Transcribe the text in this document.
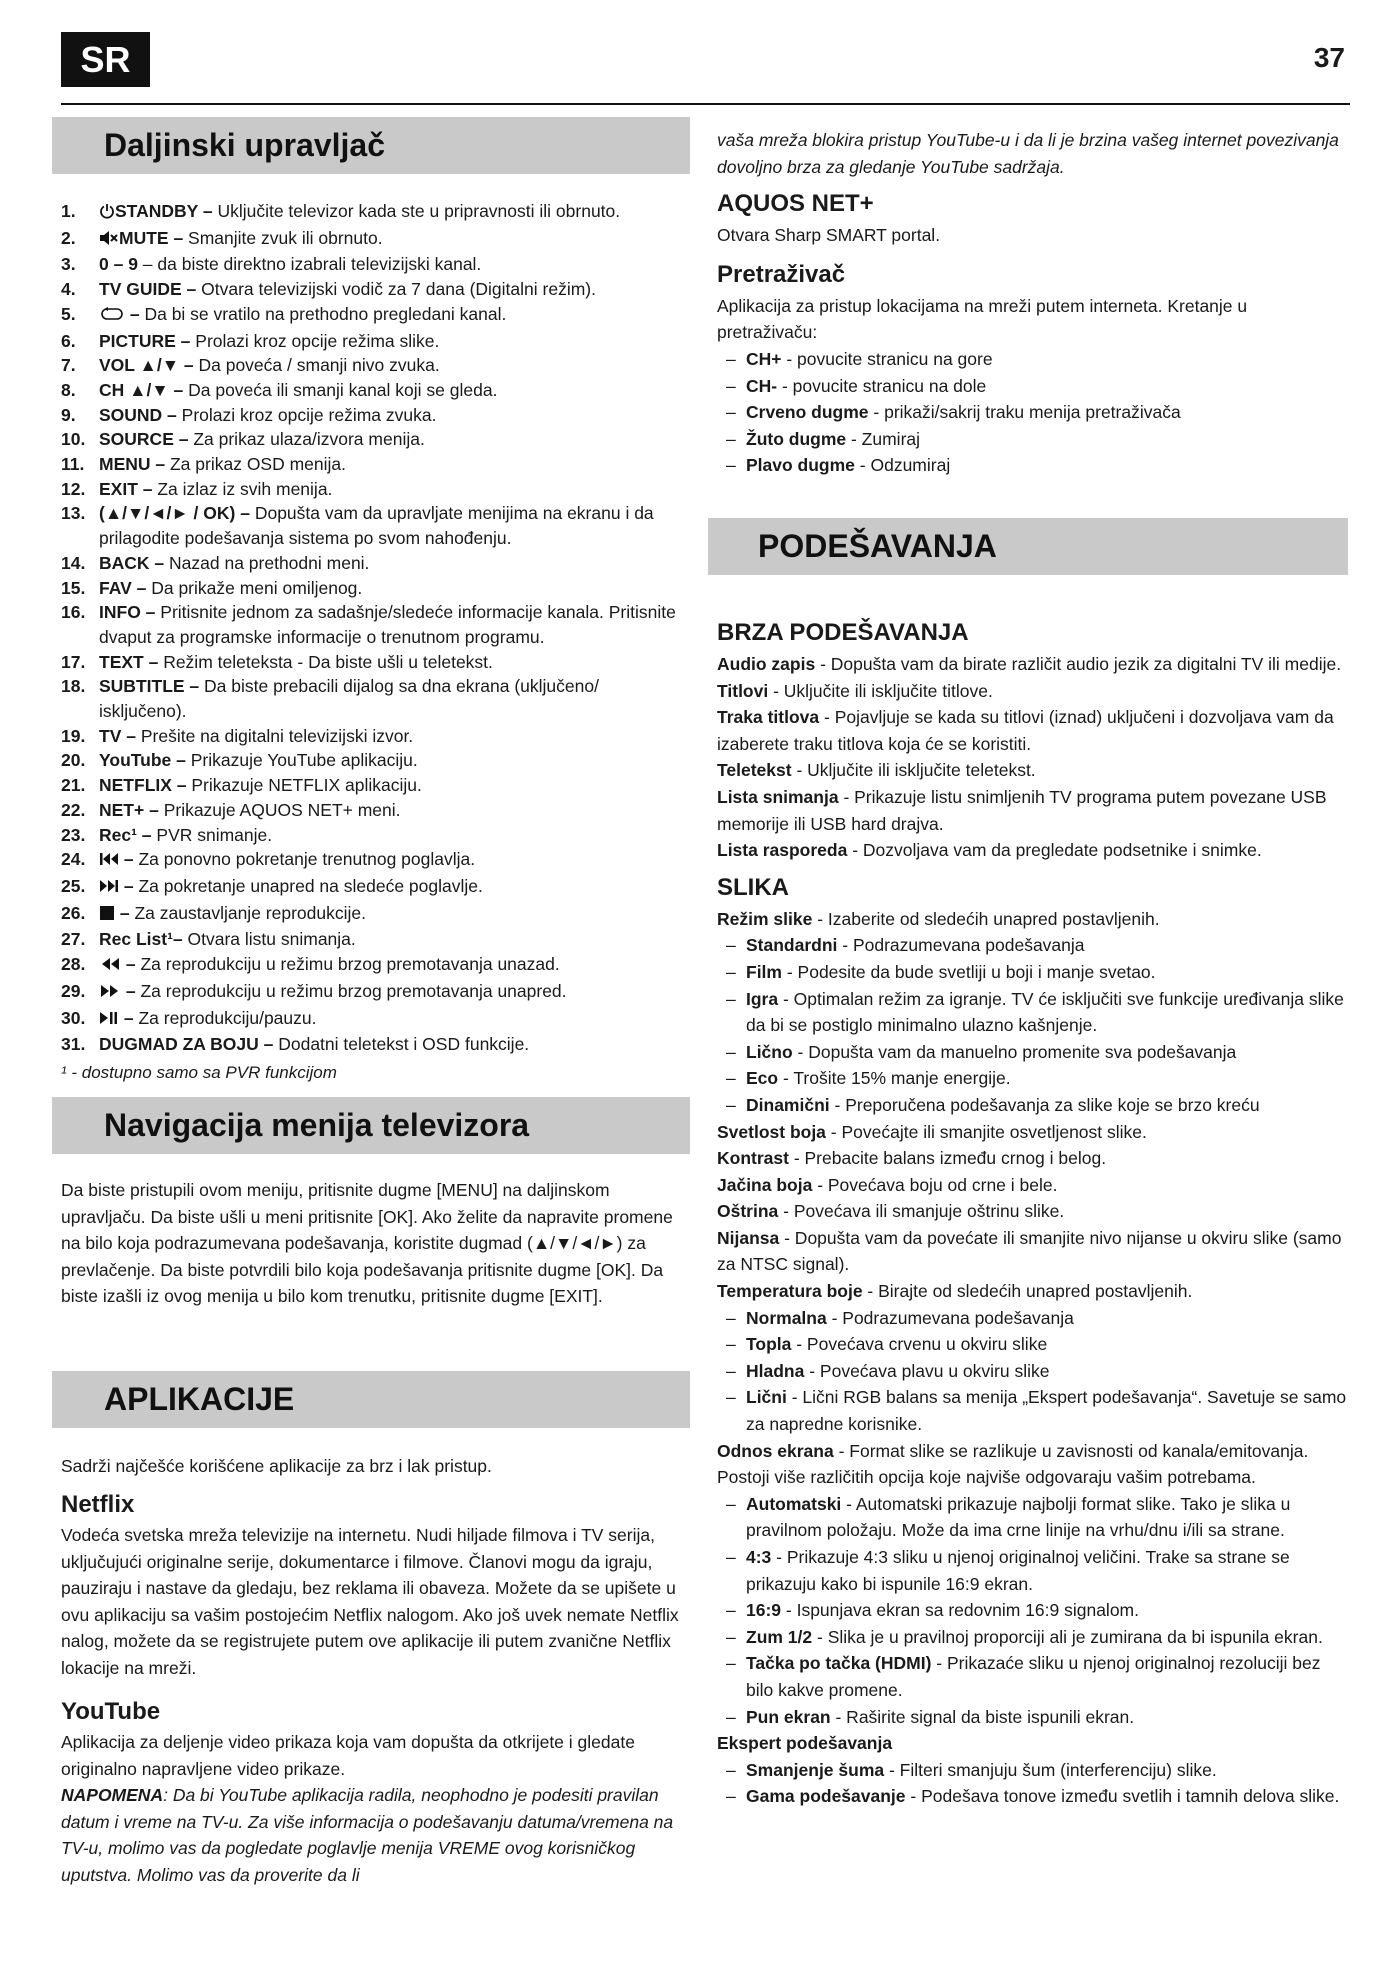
SR	37
Daljinski upravljač
1. STANDBY – Uključite televizor kada ste u pripravnosti ili obrnuto.
2. MUTE – Smanjite zvuk ili obrnuto.
3. 0 – 9 – da biste direktno izabrali televizijski kanal.
4. TV GUIDE – Otvara televizijski vodič za 7 dana (Digitalni režim).
5.	– Da bi se vratilo na prethodno pregledani kanal.
6. PICTURE – Prolazi kroz opcije režima slike.
7. VOL ▲/▼ – Da poveća / smanji nivo zvuka.
8. CH ▲/▼ – Da poveća ili smanji kanal koji se gleda.
9. SOUND – Prolazi kroz opcije režima zvuka.
10. SOURCE – Za prikaz ulaza/izvora menija.
11. MENU – Za prikaz OSD menija.
12. EXIT – Za izlaz iz svih menija.
13. (▲/▼/◄/► / OK) – Dopušta vam da upravljate menijima na ekranu i da prilagodite podešavanja sistema po svom nahođenju.
14. BACK – Nazad na prethodni meni.
15. FAV – Da prikaže meni omiljenog.
16. INFO – Pritisnite jednom za sadašnje/sledeće informacije kanala. Pritisnite dvaput za programske informacije o trenutnom programu.
17. TEXT – Režim teleteksta - Da biste ušli u teletekst.
18. SUBTITLE – Da biste prebacili dijalog sa dna ekrana (uključeno/ isključeno).
19. TV – Prešite na digitalni televizijski izvor.
20. YouTube – Prikazuje YouTube aplikaciju.
21. NETFLIX – Prikazuje NETFLIX aplikaciju.
22. NET+ – Prikazuje AQUOS NET+ meni.
23. Rec¹ – PVR snimanje.
24. – Za ponovno pokretanje trenutnog poglavlja.
25. – Za pokretanje unapred na sledeće poglavlje.
26. – Za zaustavljanje reprodukcije.
27. Rec List¹– Otvara listu snimanja.
28. – Za reprodukciju u režimu brzog premotavanja unazad.
29. – Za reprodukciju u režimu brzog premotavanja unapred.
30. – Za reprodukciju/pauzu.
31. DUGMAD ZA BOJU – Dodatni teletekst i OSD funkcije.
¹ - dostupno samo sa PVR funkcijom
Navigacija menija televizora

Da biste pristupili ovom meniju, pritisnite dugme [MENU] na daljinskom upravljaču. Da biste ušli u meni pritisnite [OK]. Ako želite da napravite promene na bilo koja podrazumevana podešavanja, koristite dugmad (▲/▼/◄/►) za prevlačenje. Da biste potvrdili bilo koja podešavanja pritisnite dugme [OK]. Da biste izašli iz ovog menija u bilo kom trenutku, pritisnite dugme [EXIT].

APLIKACIJE

Sadrži najčešće korišćene aplikacije za brz i lak pristup.

Netflix

Vodeća svetska mreža televizije na internetu. Nudi hiljade filmova i TV serija, uključujući originalne serije, dokumentarce i filmove. Članovi mogu da igraju, pauziraju i nastave da gledaju, bez reklama ili obaveza. Možete da se upišete u ovu aplikaciju sa vašim postojećim Netflix nalogom. Ako još uvek nemate Netflix nalog, možete da se registrujete putem ove aplikacije ili putem zvanične Netflix lokacije na mreži.

YouTube

Aplikacija za deljenje video prikaza koja vam dopušta da otkrijete i gledate originalno napravljene video prikaze.

NAPOMENA: Da bi YouTube aplikacija radila, neophodno je podesiti pravilan datum i vreme na TV-u. Za više informacija o podešavanju datuma/vremena na TV-u, molimo vas da pogledate poglavlje menija VREME ovog korisničkog uputstva. Molimo vas da proverite da li

vaša mreža blokira pristup YouTube-u i da li je brzina vašeg internet povezivanja dovoljno brza za gledanje YouTube sadržaja.

AQUOS NET+

Otvara Sharp SMART portal.

Pretraživač

Aplikacija za pristup lokacijama na mreži putem interneta. Kretanje u pretraživaču:

– CH+ - povucite stranicu na gore
– CH- - povucite stranicu na dole
– Crveno dugme - prikaži/sakrij traku menija pretraživača
– Žuto dugme - Zumiraj
– Plavo dugme - Odzumiraj
PODEŠAVANJA
BRZA PODEŠAVANJA

Audio zapis - Dopušta vam da birate različit audio jezik za digitalni TV ili medije.

Titlovi - Uključite ili isključite titlove.

Traka titlova - Pojavljuje se kada su titlovi (iznad) uključeni i dozvoljava vam da izaberete traku titlova koja će se koristiti.

Teletekst - Uključite ili isključite teletekst.

Lista snimanja - Prikazuje listu snimljenih TV programa putem povezane USB memorije ili USB hard drajva.

Lista rasporeda - Dozvoljava vam da pregledate podsetnike i snimke.

SLIKA

Režim slike - Izaberite od sledećih unapred postavljenih.

– Standardni - Podrazumevana podešavanja
– Film - Podesite da bude svetliji u boji i manje svetao.
– Igra - Optimalan režim za igranje. TV će isključiti sve funkcije uređivanja slike da bi se postiglo minimalno ulazno kašnjenje.
– Lično - Dopušta vam da manuelno promenite sva podešavanja
– Eco - Trošite 15% manje energije.
– Dinamični - Preporučena podešavanja za slike koje se brzo kreću

Svetlost boja - Povećajte ili smanjite osvetljenost slike.

Kontrast - Prebacite balans između crnog i belog.

Jačina boja - Povećava boju od crne i bele.

Oštrina - Povećava ili smanjuje oštrinu slike.

Nijansa - Dopušta vam da povećate ili smanjite nivo nijanse u okviru slike (samo za NTSC signal).

Temperatura boje - Birajte od sledećih unapred postavljenih.

– Normalna - Podrazumevana podešavanja
– Topla - Povećava crvenu u okviru slike
– Hladna - Povećava plavu u okviru slike
– Lični - Lični RGB balans sa menija „Ekspert podešavanja“. Savetuje se samo za napredne korisnike.

Odnos ekrana - Format slike se razlikuje u zavisnosti od kanala/emitovanja. Postoji više različitih opcija koje najviše odgovaraju vašim potrebama.

– Automatski - Automatski prikazuje najbolji format slike. Tako je slika u pravilnom položaju. Može da ima crne linije na vrhu/dnu i/ili sa strane.
– 4:3 - Prikazuje 4:3 sliku u njenoj originalnoj veličini. Trake sa strane se prikazuju kako bi ispunile 16:9 ekran.
– 16:9 - Ispunjava ekran sa redovnim 16:9 signalom.
– Zum 1/2 - Slika je u pravilnoj proporciji ali je zumirana da bi ispunila ekran.
– Tačka po tačka (HDMI) - Prikazaće sliku u njenoj originalnoj rezoluciji bez bilo kakve promene.
– Pun ekran - Raširite signal da biste ispunili ekran.

Ekspert podešavanja

– Smanjenje šuma - Filteri smanjuju šum (interferenciju) slike.
– Gama podešavanje - Podešava tonove između svetlih i tamnih delova slike.
